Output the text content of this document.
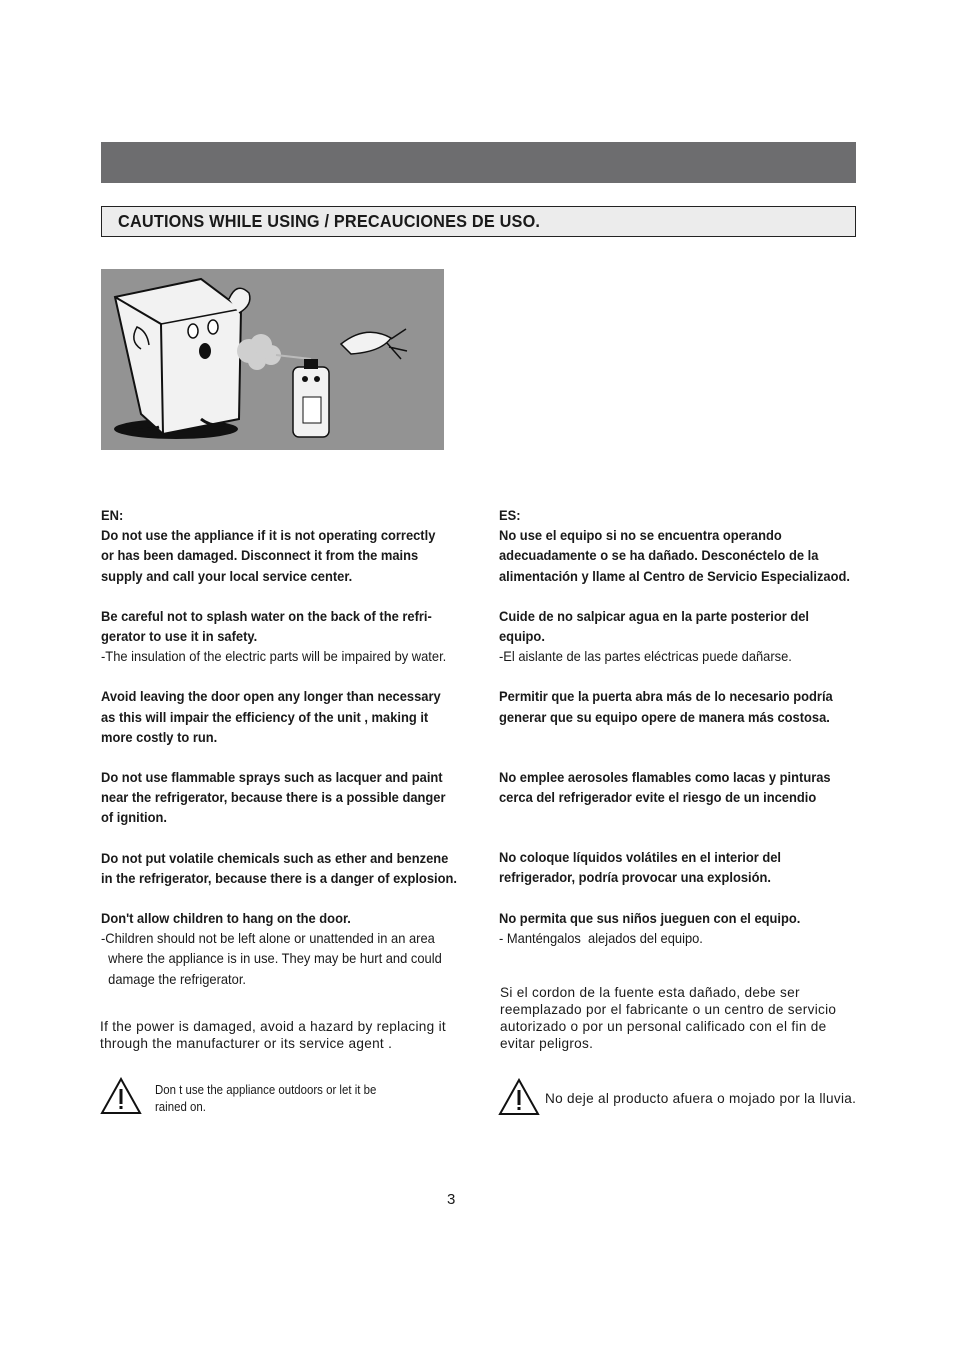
CAUTIONS WHILE USING / PRECAUCIONES DE USO.
EN:
Do not use the appliance if it is not operating correctly
or has been damaged. Disconnect it from the mains
supply and call your local service center.
Be careful not to splash water on the back of the refri-
gerator to use it in safety.
-The insulation of the electric parts will be impaired by water.
Avoid leaving the door open any longer than necessary
as this will impair the efficiency of the unit , making it
more costly to run.
Do not use flammable sprays such as lacquer and paint
near the refrigerator, because there is a possible danger
of ignition.
Do not put volatile chemicals such as ether and benzene
in the refrigerator, because there is a danger of explosion.
Don't allow children to hang on the door.
-Children should not be left alone or unattended in an area
where the appliance is in use. They may be hurt and could
damage the refrigerator.
If the power is damaged, avoid a hazard by replacing it
through the manufacturer or its service agent .
Don t use the appliance outdoors or let it be
rained on.
ES:
No use el equipo si no se encuentra operando
adecuadamente o se ha dañado. Desconéctelo de la
alimentación y llame al Centro de Servicio Especializaod.
Cuide de no salpicar agua en la parte posterior del
equipo.
-El aislante de las partes eléctricas puede dañarse.
Permitir que la puerta abra más de lo necesario podría
generar que su equipo opere de manera más costosa.
No emplee aerosoles flamables como lacas y pinturas
cerca del refrigerador evite el riesgo de un incendio
No coloque líquidos volátiles en el interior del
refrigerador, podría provocar una explosión.
No permita que sus niños jueguen con el equipo.
- Manténgalos  alejados del equipo.
Si el cordon de la fuente esta dañado, debe ser
reemplazado por el fabricante o un centro de servicio
autorizado o por un personal calificado con el fin de
evitar peligros.
No deje al producto afuera o mojado por la lluvia.
3
